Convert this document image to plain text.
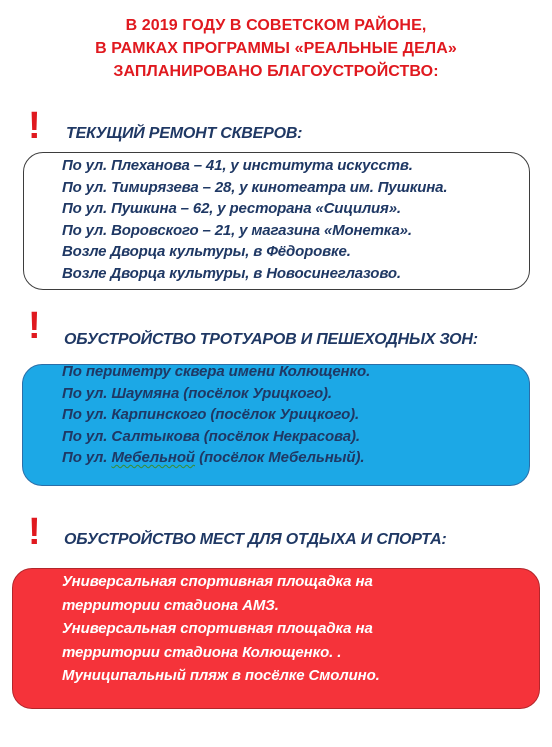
В 2019 ГОДУ В СОВЕТСКОМ РАЙОНЕ,
В РАМКАХ ПРОГРАММЫ «РЕАЛЬНЫЕ ДЕЛА»
ЗАПЛАНИРОВАНО БЛАГОУСТРОЙСТВО:
! ТЕКУЩИЙ РЕМОНТ СКВЕРОВ:
По ул. Плеханова – 41, у института искусств.
По ул. Тимирязева – 28, у кинотеатра им. Пушкина.
По ул. Пушкина – 62, у ресторана «Сицилия».
По ул. Воровского – 21, у магазина «Монетка».
Возле Дворца культуры, в Фёдоровке.
Возле Дворца культуры, в Новосинеглазово.
! ОБУСТРОЙСТВО ТРОТУАРОВ И ПЕШЕХОДНЫХ ЗОН:
По периметру сквера имени Колющенко.
По ул. Шаумяна (посёлок Урицкого).
По ул. Карпинского (посёлок Урицкого).
По ул. Салтыкова (посёлок Некрасова).
По ул. Мебельной (посёлок Мебельный).
! ОБУСТРОЙСТВО МЕСТ ДЛЯ ОТДЫХА И СПОРТА:
Универсальная спортивная площадка на
территории стадиона АМЗ.
Универсальная спортивная площадка на
территории стадиона Колющенко. .
Муниципальный пляж в посёлке Смолино.
